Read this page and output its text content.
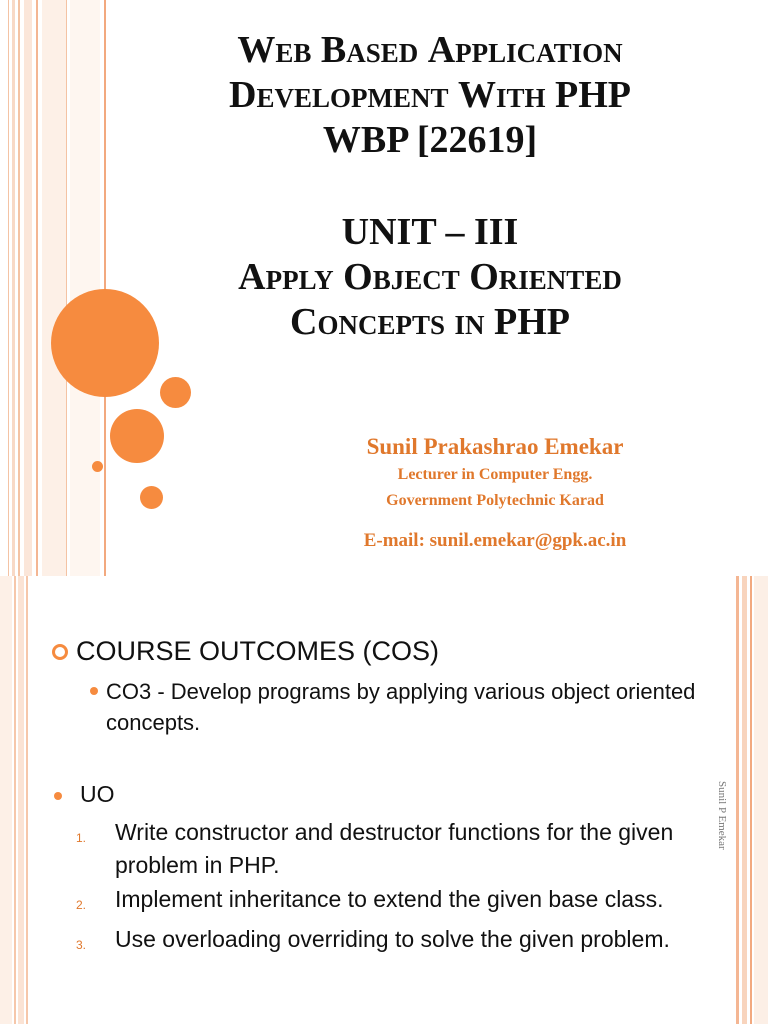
Web Based Application
Development With PHP
WBP [22619]
UNIT – III
Apply Object Oriented
Concepts in PHP
Sunil Prakashrao Emekar
Lecturer in Computer Engg.
Government Polytechnic Karad
E-mail: sunil.emekar@gpk.ac.in
COURSE OUTCOMES (COS)
CO3 - Develop programs by applying various object oriented concepts.
UO
1.	Write constructor and destructor functions for the given problem in PHP.
2.	Implement inheritance to extend the given base class.
3.	Use overloading overriding to solve the given problem.
Sunil P Emekar
